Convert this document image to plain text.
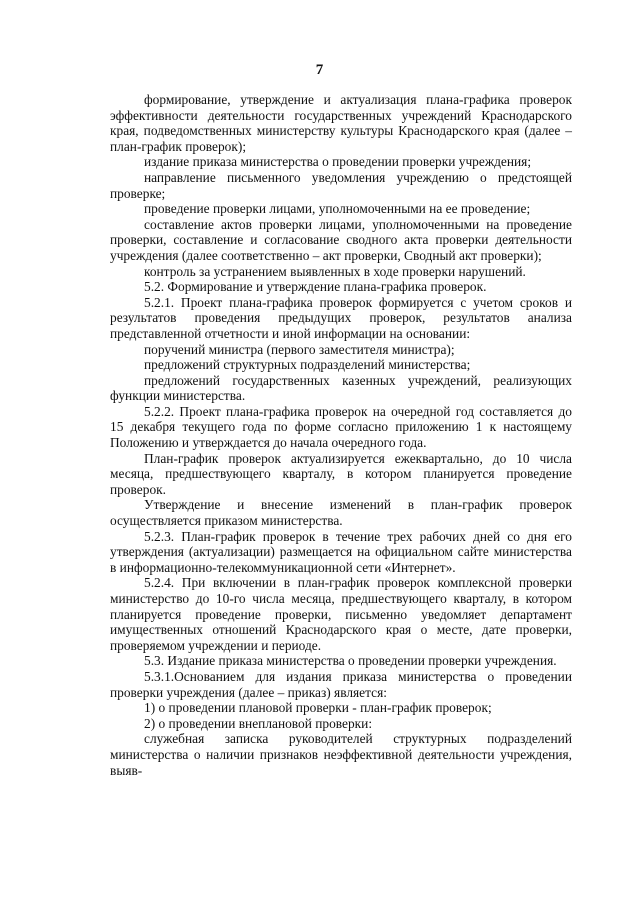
7

формирование, утверждение и актуализация плана-графика проверок эффективности деятельности государственных учреждений Краснодарского края, подведомственных министерству культуры Краснодарского края (далее – план-график проверок);

издание приказа министерства о проведении проверки учреждения;

направление письменного уведомления учреждению о предстоящей проверке;

проведение проверки лицами, уполномоченными на ее проведение;

составление актов проверки лицами, уполномоченными на проведение проверки, составление и согласование сводного акта проверки деятельности учреждения (далее соответственно – акт проверки, Сводный акт проверки);

контроль за устранением выявленных в ходе проверки нарушений.

5.2. Формирование и утверждение плана-графика проверок.

5.2.1. Проект плана-графика проверок формируется с учетом сроков и результатов проведения предыдущих проверок, результатов анализа представленной отчетности и иной информации на основании:

поручений министра (первого заместителя министра);

предложений структурных подразделений министерства;

предложений государственных казенных учреждений, реализующих функции министерства.

5.2.2. Проект плана-графика проверок на очередной год составляется до 15 декабря текущего года по форме согласно приложению 1 к настоящему Положению и утверждается до начала очередного года.

План-график проверок актуализируется ежеквартально, до 10 числа месяца, предшествующего кварталу, в котором планируется проведение проверок.

Утверждение и внесение изменений в план-график проверок осуществляется приказом министерства.

5.2.3. План-график проверок в течение трех рабочих дней со дня его утверждения (актуализации) размещается на официальном сайте министерства в информационно-телекоммуникационной сети «Интернет».

5.2.4. При включении в план-график проверок комплексной проверки министерство до 10-го числа месяца, предшествующего кварталу, в котором планируется проведение проверки, письменно уведомляет департамент имущественных отношений Краснодарского края о месте, дате проверки, проверяемом учреждении и периоде.

5.3. Издание приказа министерства о проведении проверки учреждения.

5.3.1.Основанием для издания приказа министерства о проведении проверки учреждения (далее – приказ) является:

1) о проведении плановой проверки - план-график проверок;

2) о проведении внеплановой проверки:

служебная записка руководителей структурных подразделений министерства о наличии признаков неэффективной деятельности учреждения, выяв-
